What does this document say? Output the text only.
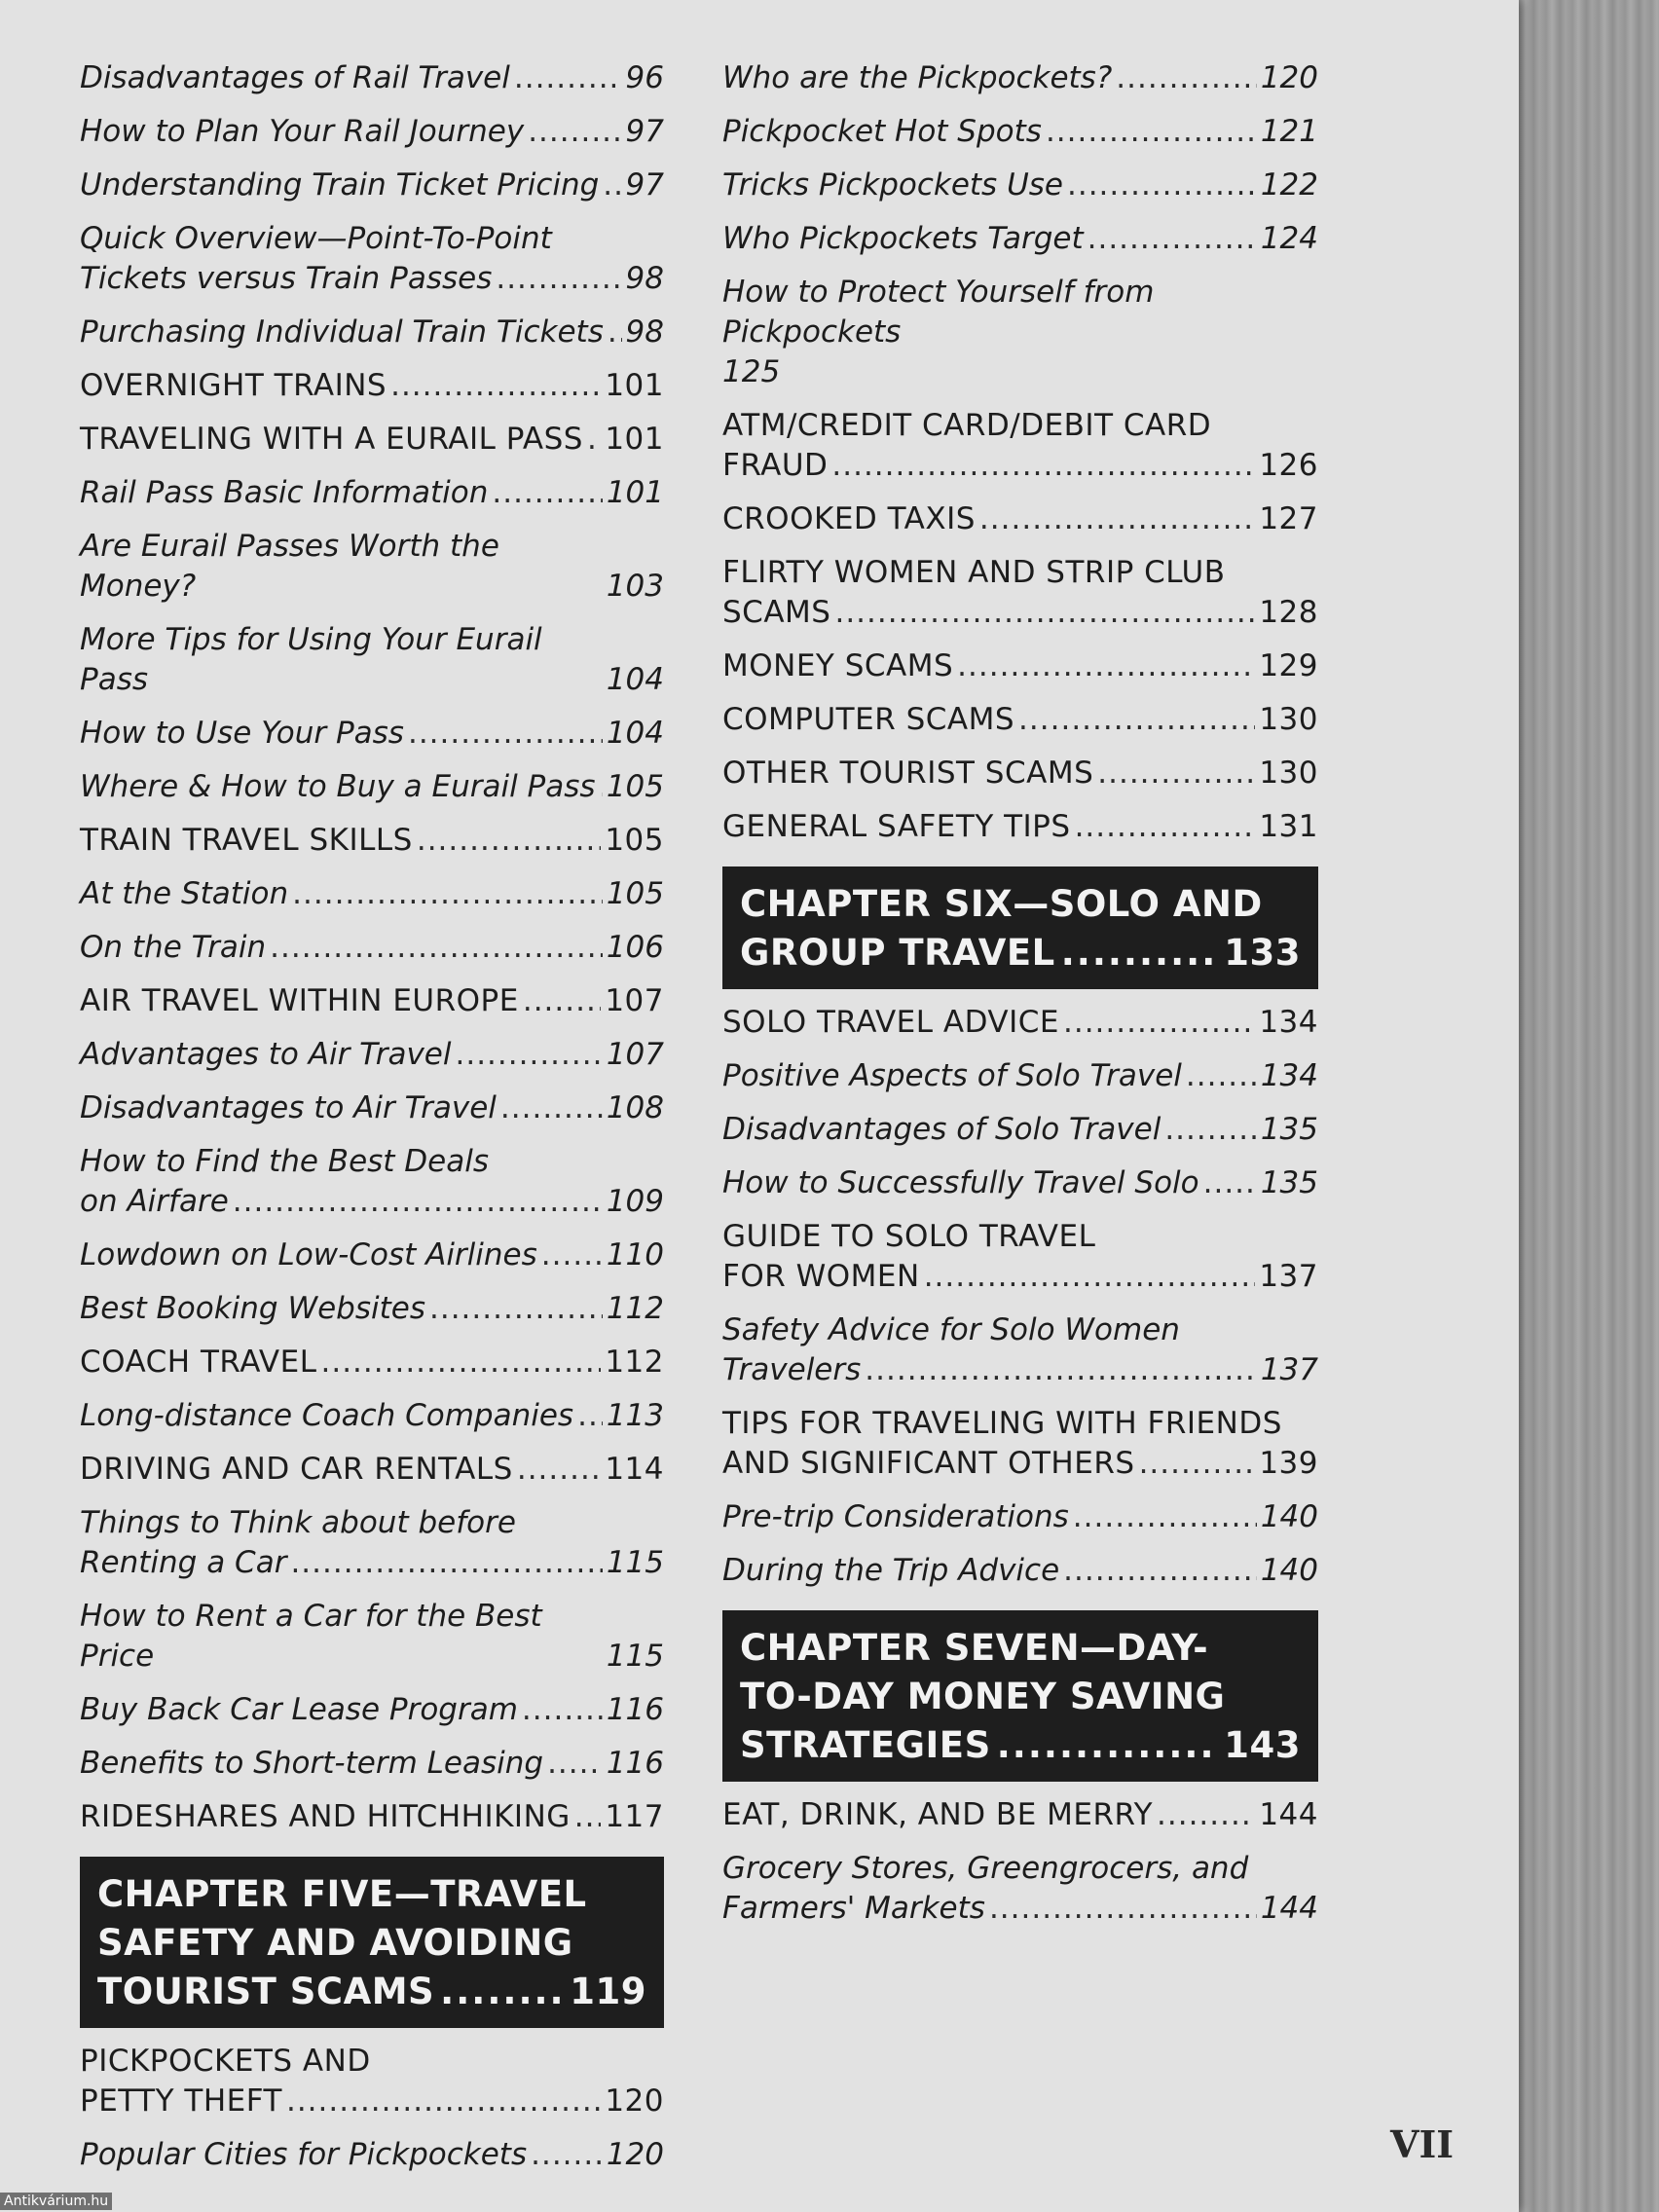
Disadvantages of Rail Travel .....	96
How to Plan Your Rail Journey .....	97
Understanding Train Ticket Pricing ..... 97
Quick Overview—Point-To-Point
Tickets versus Train Passes .....	98
Purchasing Individual Train Tickets ..... 98
OVERNIGHT TRAINS .....	101
TRAVELING WITH A EURAIL PASS ..... 101
Rail Pass Basic Information .....	101
Are Eurail Passes Worth the Money?	103
More Tips for Using Your Eurail Pass	104
How to Use Your Pass .....	104
Where & How to Buy a Eurail Pass ..... 105
TRAIN TRAVEL SKILLS .....	105
At the Station .....	105
On the Train .....	106
AIR TRAVEL WITHIN EUROPE .....	107
Advantages to Air Travel .....	107
Disadvantages to Air Travel .....	108
How to Find the Best Deals
on Airfare .....	109
Lowdown on Low-Cost Airlines ..... 110
Best Booking Websites .....	112
COACH TRAVEL .....	112
Long-distance Coach Companies ..... 113
DRIVING AND CAR RENTALS .....	114
Things to Think about before
Renting a Car .....	115
How to Rent a Car for the Best Price	115
Buy Back Car Lease Program .....	116
Benefits to Short-term Leasing ..... 116
RIDESHARES AND HITCHHIKING ..... 117
CHAPTER FIVE—TRAVEL
SAFETY AND AVOIDING
TOURIST SCAMS .....	119
PICKPOCKETS AND
PETTY THEFT .....	120
Popular Cities for Pickpockets .....	120
Who are the Pickpockets? .....	120
Pickpocket Hot Spots .....	121
Tricks Pickpockets Use .....	122
Who Pickpockets Target .....	124
How to Protect Yourself from Pickpockets
125
ATM/CREDIT CARD/DEBIT CARD
FRAUD .....	126
CROOKED TAXIS .....	127
FLIRTY WOMEN AND STRIP CLUB
SCAMS .....	128
MONEY SCAMS .....	129
COMPUTER SCAMS .....	130
OTHER TOURIST SCAMS .....	130
GENERAL SAFETY TIPS .....	131
CHAPTER SIX—SOLO AND
GROUP TRAVEL .....	133
SOLO TRAVEL ADVICE .....	134
Positive Aspects of Solo Travel .....	134
Disadvantages of Solo Travel .....	135
How to Successfully Travel Solo ..... 135
GUIDE TO SOLO TRAVEL
FOR WOMEN .....	137
Safety Advice for Solo Women
Travelers .....	137
TIPS FOR TRAVELING WITH FRIENDS
AND SIGNIFICANT OTHERS .....	139
Pre-trip Considerations .....	140
During the Trip Advice .....	140
CHAPTER SEVEN—DAY-
TO-DAY MONEY SAVING
STRATEGIES .....	143
EAT, DRINK, AND BE MERRY .....	144
Grocery Stores, Greengrocers, and
Farmers' Markets .....	144
VII
Antikvárium.hu
